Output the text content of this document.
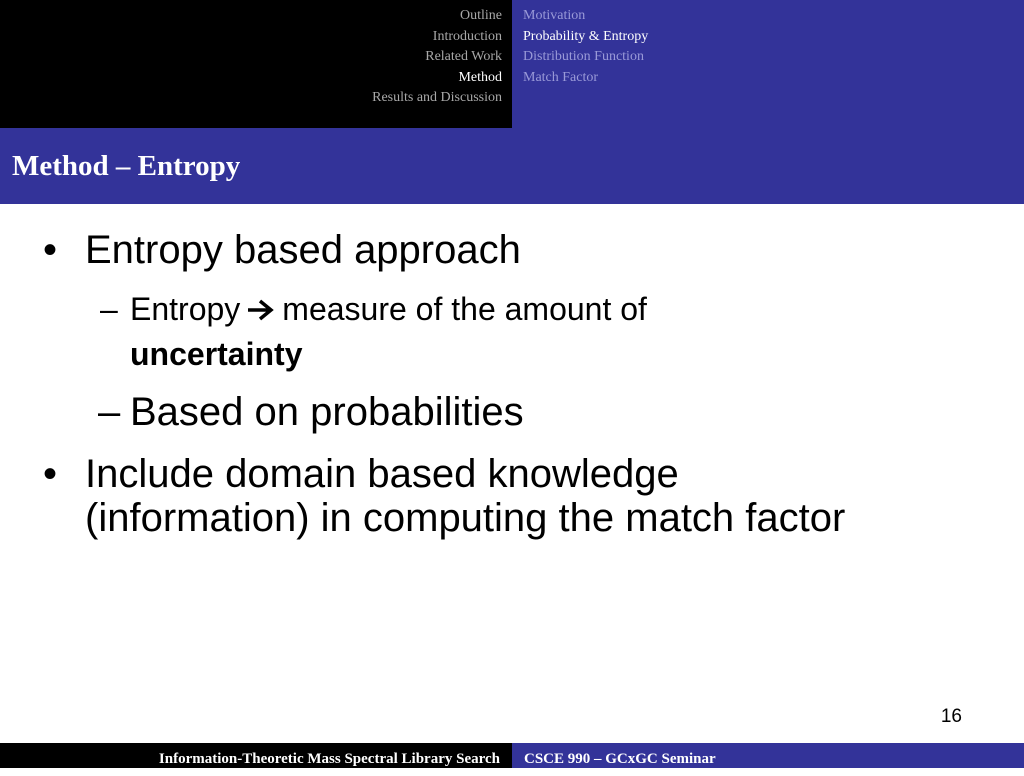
Outline
Introduction
Related Work
Method
Results and Discussion
Motivation
Probability & Entropy
Distribution Function
Match Factor
Method – Entropy
• Entropy based approach
– Entropy measure of the amount of
uncertainty
– Based on probabilities
• Include domain based knowledge
(information) in computing the match factor
16
Information-Theoretic Mass Spectral Library Search	CSCE 990 – GCxGC Seminar
